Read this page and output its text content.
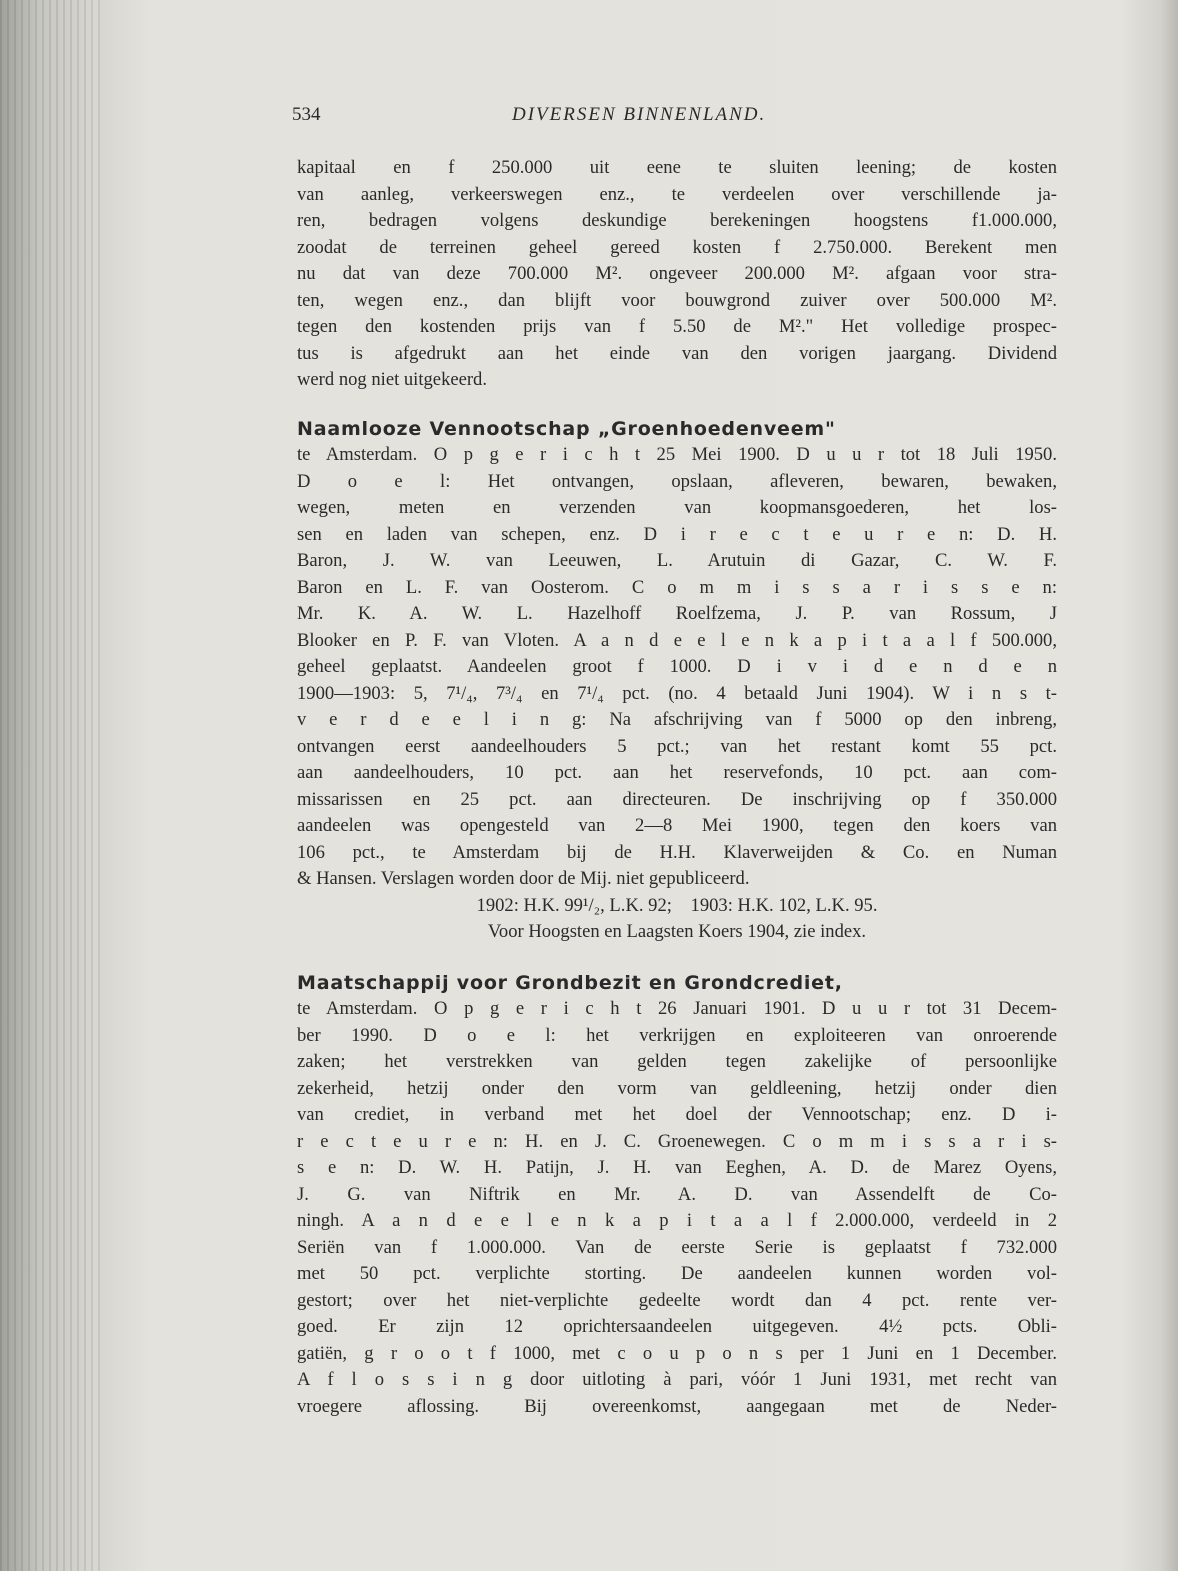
534	DIVERSEN BINNENLAND.
kapitaal en f 250.000 uit eene te sluiten leening; de kosten
van aanleg, verkeerswegen enz., te verdeelen over verschillende ja-
ren, bedragen volgens deskundige berekeningen hoogstens f1.000.000,
zoodat de terreinen geheel gereed kosten f 2.750.000. Berekent men
nu dat van deze 700.000 M². ongeveer 200.000 M². afgaan voor stra-
ten, wegen enz., dan blijft voor bouwgrond zuiver over 500.000 M².
tegen den kostenden prijs van f 5.50 de M²." Het volledige prospec-
tus is afgedrukt aan het einde van den vorigen jaargang. Dividend
werd nog niet uitgekeerd.
Naamlooze Vennootschap „Groenhoedenveem"
te Amsterdam. O p g e r i c h t 25 Mei 1900. D u u r tot 18 Juli 1950.
D o e l: Het ontvangen, opslaan, afleveren, bewaren, bewaken,
wegen, meten en verzenden van koopmansgoederen, het los-
sen en laden van schepen, enz. D i r e c t e u r e n: D. H.
Baron, J. W. van Leeuwen, L. Arutuin di Gazar, C. W. F.
Baron en L. F. van Oosterom. C o m m i s s a r i s s e n:
Mr. K. A. W. L. Hazelhoff Roelfzema, J. P. van Rossum, J
Blooker en P. F. van Vloten. A a n d e e l e n k a p i t a a l f 500.000,
geheel geplaatst. Aandeelen groot f 1000. D i v i d e n d e n
1900—1903: 5, 7¹/₄, 7³/₄ en 7¹/₄ pct. (no. 4 betaald Juni 1904). W i n s t-
v e r d e e l i n g: Na afschrijving van f 5000 op den inbreng,
ontvangen eerst aandeelhouders 5 pct.; van het restant komt 55 pct.
aan aandeelhouders, 10 pct. aan het reservefonds, 10 pct. aan com-
missarissen en 25 pct. aan directeuren. De inschrijving op f 350.000
aandeelen was opengesteld van 2—8 Mei 1900, tegen den koers van
106 pct., te Amsterdam bij de H.H. Klaverweijden & Co. en Numan
& Hansen. Verslagen worden door de Mij. niet gepubliceerd.
1902: H.K. 99¹/₂, L.K. 92;    1903: H.K. 102, L.K. 95.
Voor Hoogsten en Laagsten Koers 1904, zie index.
Maatschappij voor Grondbezit en Grondcrediet,
te Amsterdam. O p g e r i c h t 26 Januari 1901. D u u r tot 31 Decem-
ber 1990. D o e l: het verkrijgen en exploiteeren van onroerende
zaken; het verstrekken van gelden tegen zakelijke of persoonlijke
zekerheid, hetzij onder den vorm van geldleening, hetzij onder dien
van crediet, in verband met het doel der Vennootschap; enz. D i-
r e c t e u r e n: H. en J. C. Groenewegen. C o m m i s s a r i s-
s e n: D. W. H. Patijn, J. H. van Eeghen, A. D. de Marez Oyens,
J. G. van Niftrik en Mr. A. D. van Assendelft de Co-
ningh. A a n d e e l e n k a p i t a a l f 2.000.000, verdeeld in 2
Seriën van f 1.000.000. Van de eerste Serie is geplaatst f 732.000
met 50 pct. verplichte storting. De aandeelen kunnen worden vol-
gestort; over het niet-verplichte gedeelte wordt dan 4 pct. rente ver-
goed. Er zijn 12 oprichtersaandeelen uitgegeven. 4½ pcts. Obli-
gatiën, g r o o t f 1000, met c o u p o n s per 1 Juni en 1 December.
A f l o s s i n g door uitloting à pari, vóór 1 Juni 1931, met recht van
vroegere aflossing. Bij overeenkomst, aangegaan met de Neder-
